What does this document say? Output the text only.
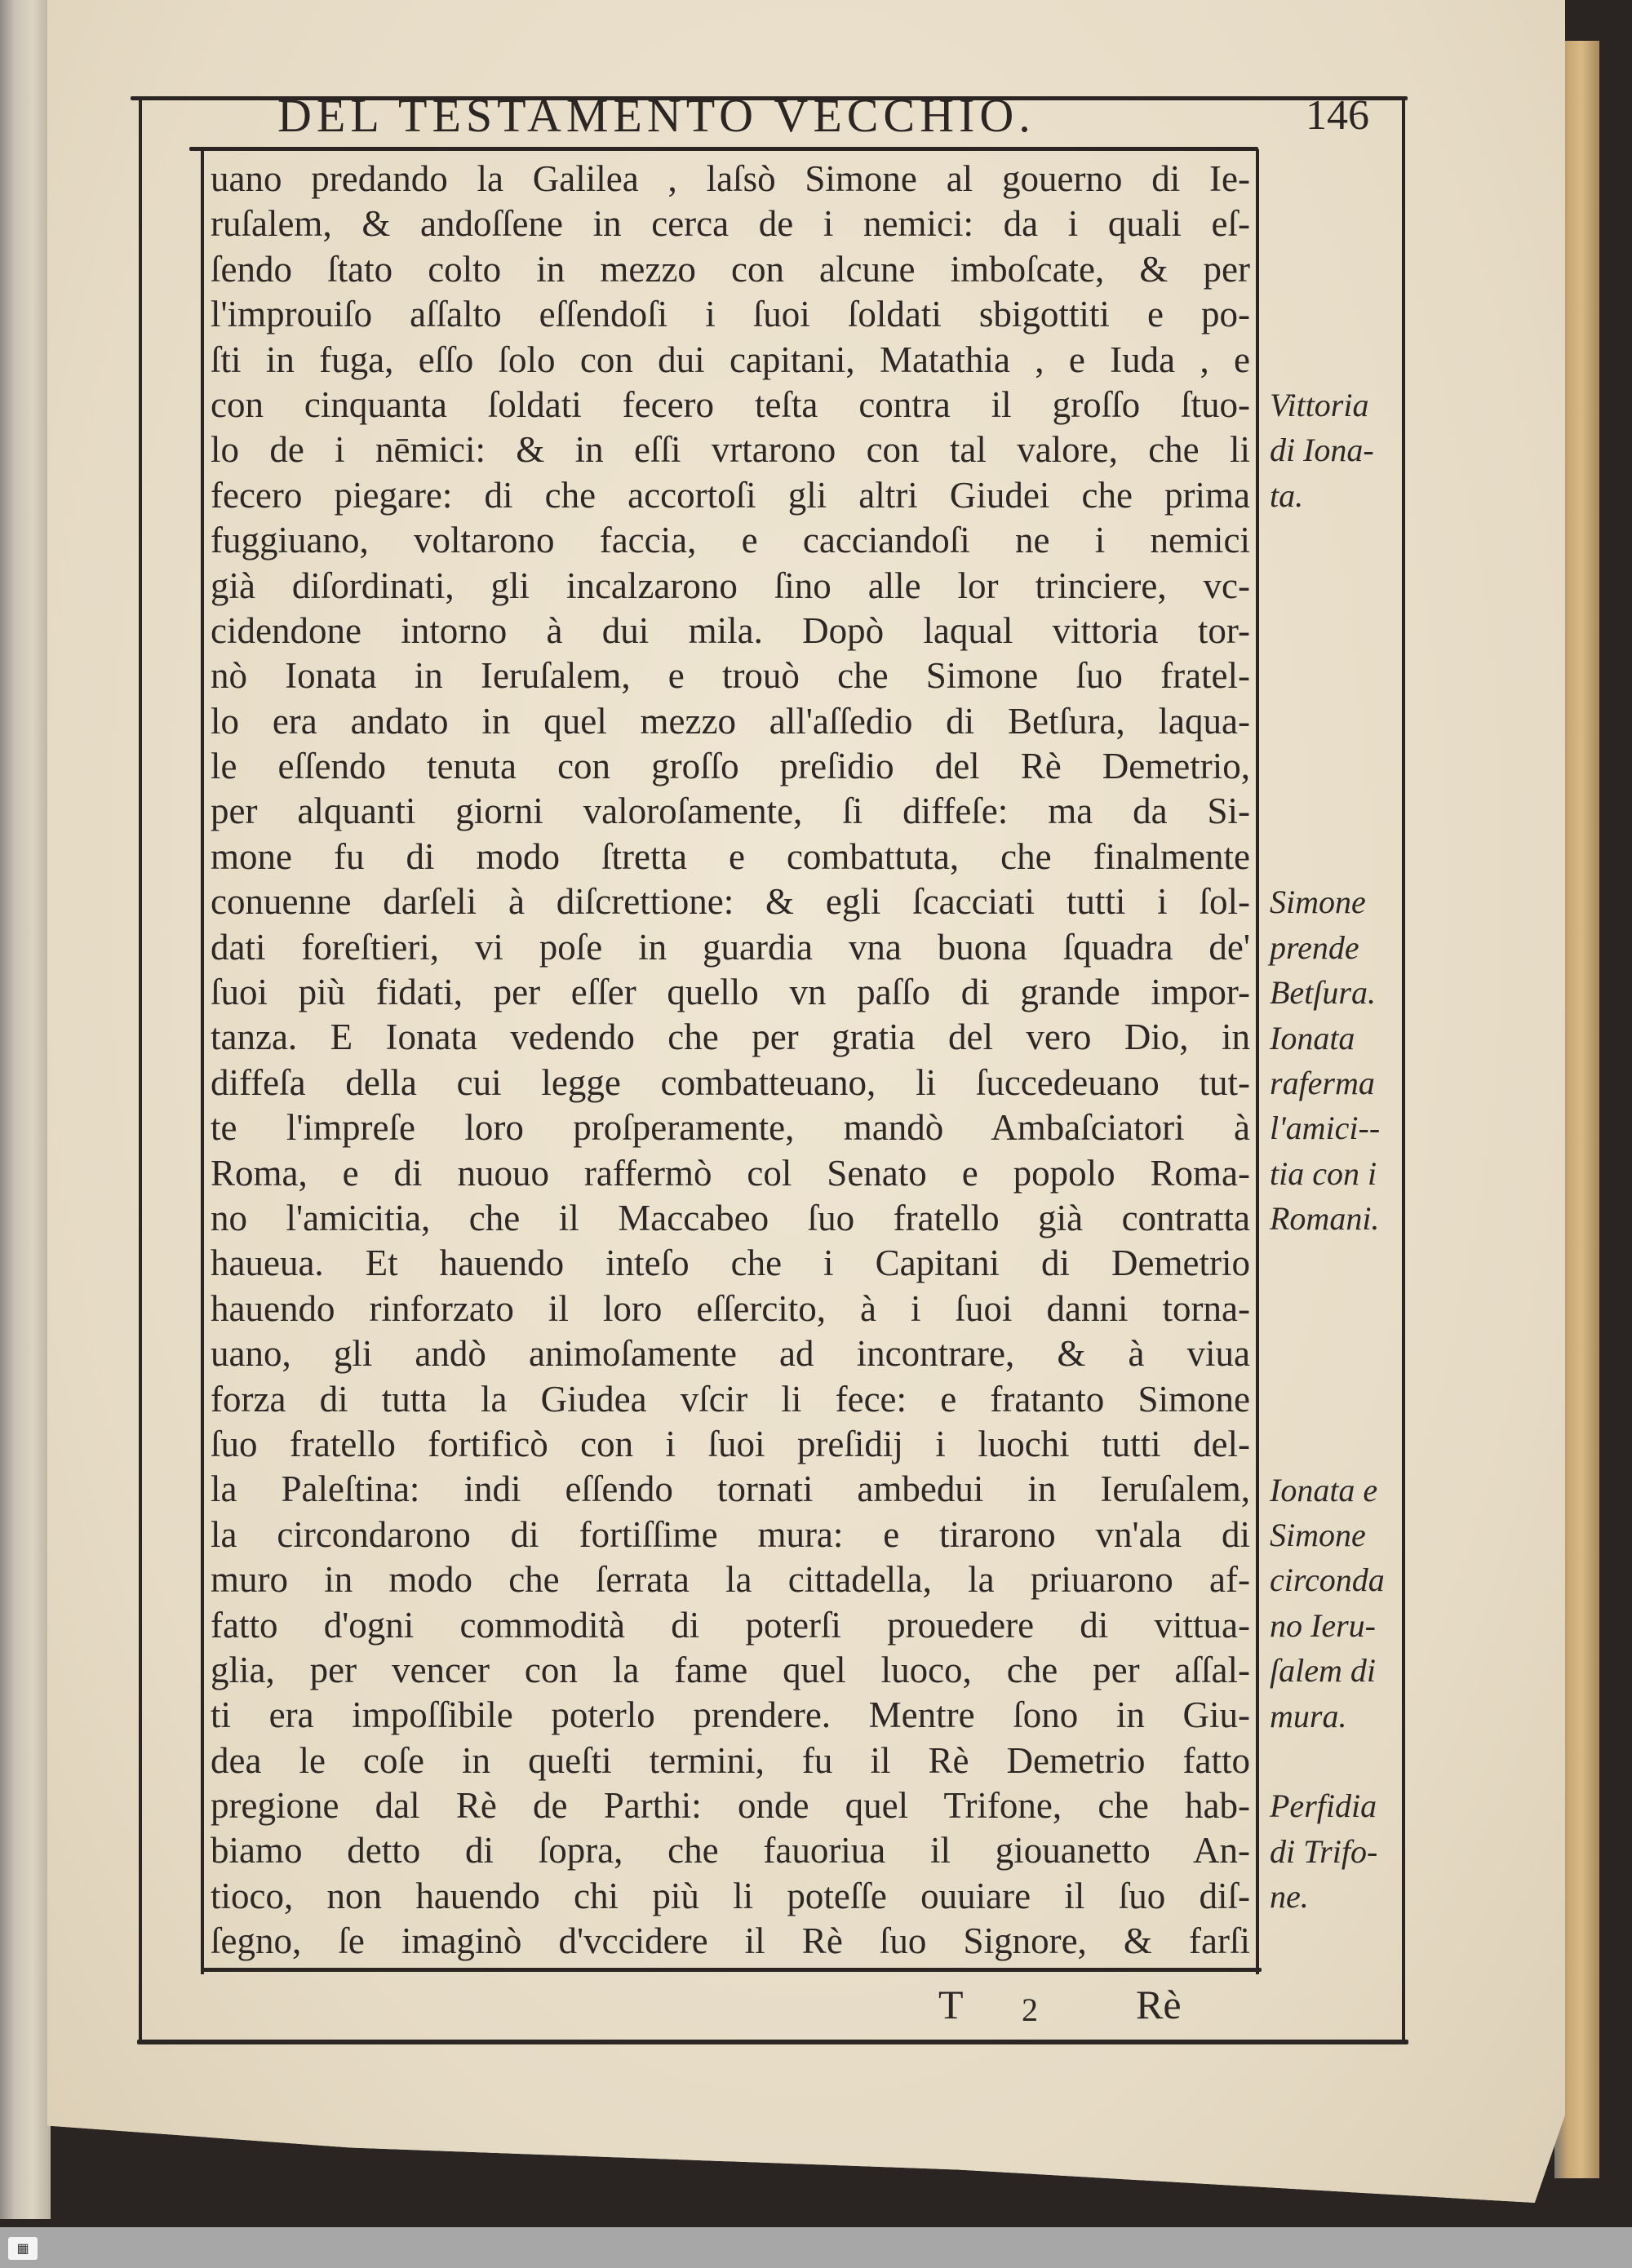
DEL TESTAMENTO VECCHIO.	146
uano predando la Galilea , laſsò Simone al gouerno di Ie-
ruſalem, & andoſſene in cerca de i nemici: da i quali eſ-
ſendo ſtato colto in mezzo con alcune imboſcate, & per
l'improuiſo aſſalto eſſendoſi i ſuoi ſoldati sbigottiti e po-
ſti in fuga, eſſo ſolo con dui capitani, Matathia , e Iuda , e
con cinquanta ſoldati fecero teſta contra il groſſo ſtuo-
lo de i nēmici: & in eſſi vrtarono con tal valore, che li
fecero piegare: di che accortoſi gli altri Giudei che prima
fuggiuano, voltarono faccia, e cacciandoſi ne i nemici
già diſordinati, gli incalzarono ſino alle lor trinciere, vc-
cidendone intorno à dui mila. Dopò laqual vittoria tor-
nò Ionata in Ieruſalem, e trouò che Simone ſuo fratel-
lo era andato in quel mezzo all'aſſedio di Betſura, laqua-
le eſſendo tenuta con groſſo preſidio del Rè Demetrio,
per alquanti giorni valoroſamente, ſi diffeſe: ma da Si-
mone fu di modo ſtretta e combattuta, che finalmente
conuenne darſeli à diſcrettione: & egli ſcacciati tutti i ſol-
dati foreſtieri, vi poſe in guardia vna buona ſquadra de'
ſuoi più fidati, per eſſer quello vn paſſo di grande impor-
tanza. E Ionata vedendo che per gratia del vero Dio, in
diffeſa della cui legge combatteuano, li ſuccedeuano tut-
te l'impreſe loro proſperamente, mandò Ambaſciatori à
Roma, e di nuouo raffermò col Senato e popolo Roma-
no l'amicitia, che il Maccabeo ſuo fratello già contratta
haueua. Et hauendo inteſo che i Capitani di Demetrio
hauendo rinforzato il loro eſſercito, à i ſuoi danni torna-
uano, gli andò animoſamente ad incontrare, & à viua
forza di tutta la Giudea vſcir li fece: e fratanto Simone
ſuo fratello fortificò con i ſuoi preſidij i luochi tutti del-
la Paleſtina: indi eſſendo tornati ambedui in Ieruſalem,
la circondarono di fortiſſime mura: e tirarono vn'ala di
muro in modo che ſerrata la cittadella, la priuarono af-
fatto d'ogni commodità di poterſi prouedere di vittua-
glia, per vencer con la fame quel luoco, che per aſſal-
ti era impoſſibile poterlo prendere. Mentre ſono in Giu-
dea le coſe in queſti termini, fu il Rè Demetrio fatto
pregione dal Rè de Parthi: onde quel Trifone, che hab-
biamo detto di ſopra, che fauoriua il giouanetto An-
tioco, non hauendo chi più li poteſſe ouuiare il ſuo diſ-
ſegno, ſe imaginò d'vccidere il Rè ſuo Signore, & farſi
Vittoria
di Iona-
ta.
Simone
prende
Betſura.
Ionata
raferma
l'amici--
tia con i
Romani.
Ionata e
Simone
circonda
no Ieru-
ſalem di
mura.
Perfidia
di Trifo-
ne.
T 2 Rè
▦
